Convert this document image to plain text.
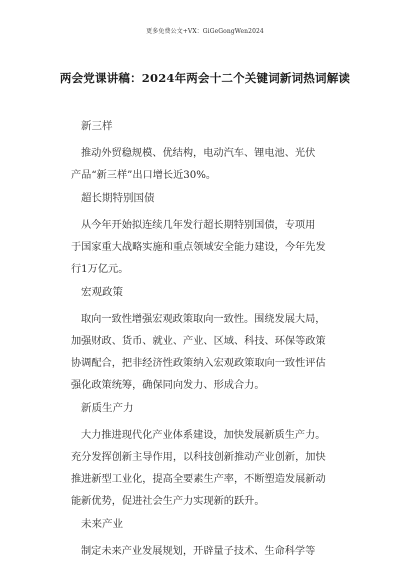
更多免费公文+VX：GiGeGongWen2024
两会党课讲稿：2024年两会十二个关键词新词热词解读
新三样
推动外贸稳规模、优结构，电动汽车、锂电池、光伏
产品“新三样”出口增长近30%。
超长期特别国债
从今年开始拟连续几年发行超长期特别国债，专项用
于国家重大战略实施和重点领域安全能力建设，今年先发
行1万亿元。
宏观政策
取向一致性增强宏观政策取向一致性。围绕发展大局，
加强财政、货币、就业、产业、区域、科技、环保等政策
协调配合，把非经济性政策纳入宏观政策取向一致性评估
强化政策统筹，确保同向发力、形成合力。
新质生产力
大力推进现代化产业体系建设，加快发展新质生产力。
充分发挥创新主导作用，以科技创新推动产业创新，加快
推进新型工业化，提高全要素生产率，不断塑造发展新动
能新优势，促进社会生产力实现新的跃升。
未来产业
制定未来产业发展规划，开辟量子技术、生命科学等
